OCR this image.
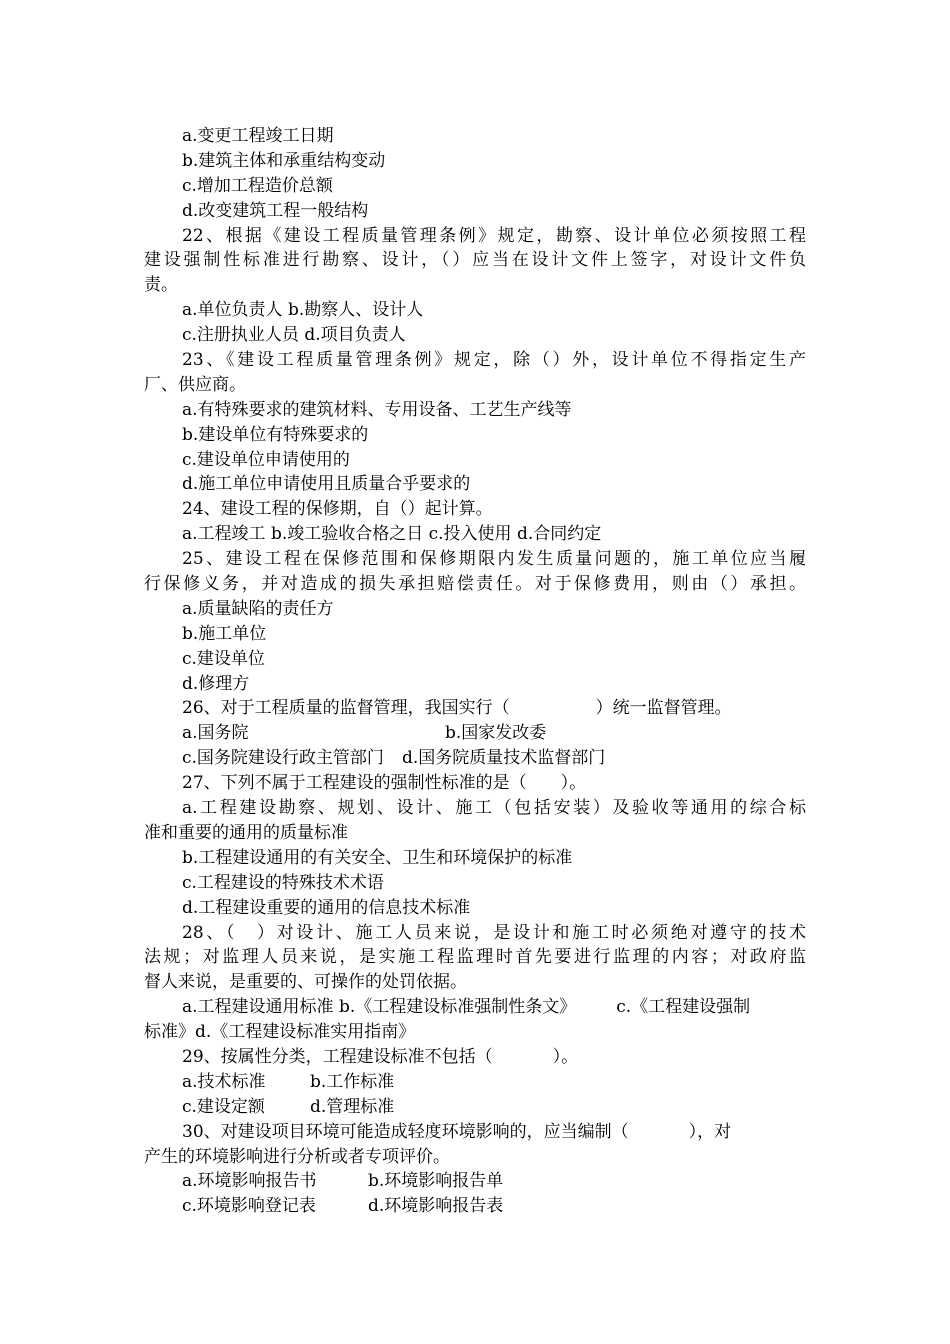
a.变更工程竣工日期
b.建筑主体和承重结构变动
c.增加工程造价总额
d.改变建筑工程一般结构
22、根据《建设工程质量管理条例》规定，勘察、设计单位必须按照工程
建设强制性标准进行勘察、设计，（）应当在设计文件上签字，对设计文件负
责。
a.单位负责人 b.勘察人、设计人
c.注册执业人员 d.项目负责人
23、《建设工程质量管理条例》规定，除（）外，设计单位不得指定生产
厂、供应商。
a.有特殊要求的建筑材料、专用设备、工艺生产线等
b.建设单位有特殊要求的
c.建设单位申请使用的
d.施工单位申请使用且质量合乎要求的
24、建设工程的保修期，自（）起计算。
a.工程竣工 b.竣工验收合格之日 c.投入使用 d.合同约定
25、建设工程在保修范围和保修期限内发生质量问题的，施工单位应当履
行保修义务，并对造成的损失承担赔偿责任。对于保修费用，则由（）承担。
a.质量缺陷的责任方
b.施工单位
c.建设单位
d.修理方
26、对于工程质量的监督管理，我国实行（	）统一监督管理。
a.国务院	b.国家发改委
c.国务院建设行政主管部门 d.国务院质量技术监督部门
27、下列不属于工程建设的强制性标准的是（　　）。
a.工程建设勘察、规划、设计、施工（包括安装）及验收等通用的综合标
准和重要的通用的质量标准
b.工程建设通用的有关安全、卫生和环境保护的标准
c.工程建设的特殊技术术语
d.工程建设重要的通用的信息技术标准
28、（　）对设计、施工人员来说，是设计和施工时必须绝对遵守的技术
法规；对监理人员来说，是实施工程监理时首先要进行监理的内容；对政府监
督人来说，是重要的、可操作的处罚依据。
a.工程建设通用标准 b.《工程建设标准强制性条文》 c.《工程建设强制
标准》d.《工程建设标准实用指南》
29、按属性分类，工程建设标准不包括（	）。
a.技术标准	b.工作标准
c.建设定额	d.管理标准
30、对建设项目环境可能造成轻度环境影响的，应当编制（	），对
产生的环境影响进行分析或者专项评价。
a.环境影响报告书	b.环境影响报告单
c.环境影响登记表	d.环境影响报告表
